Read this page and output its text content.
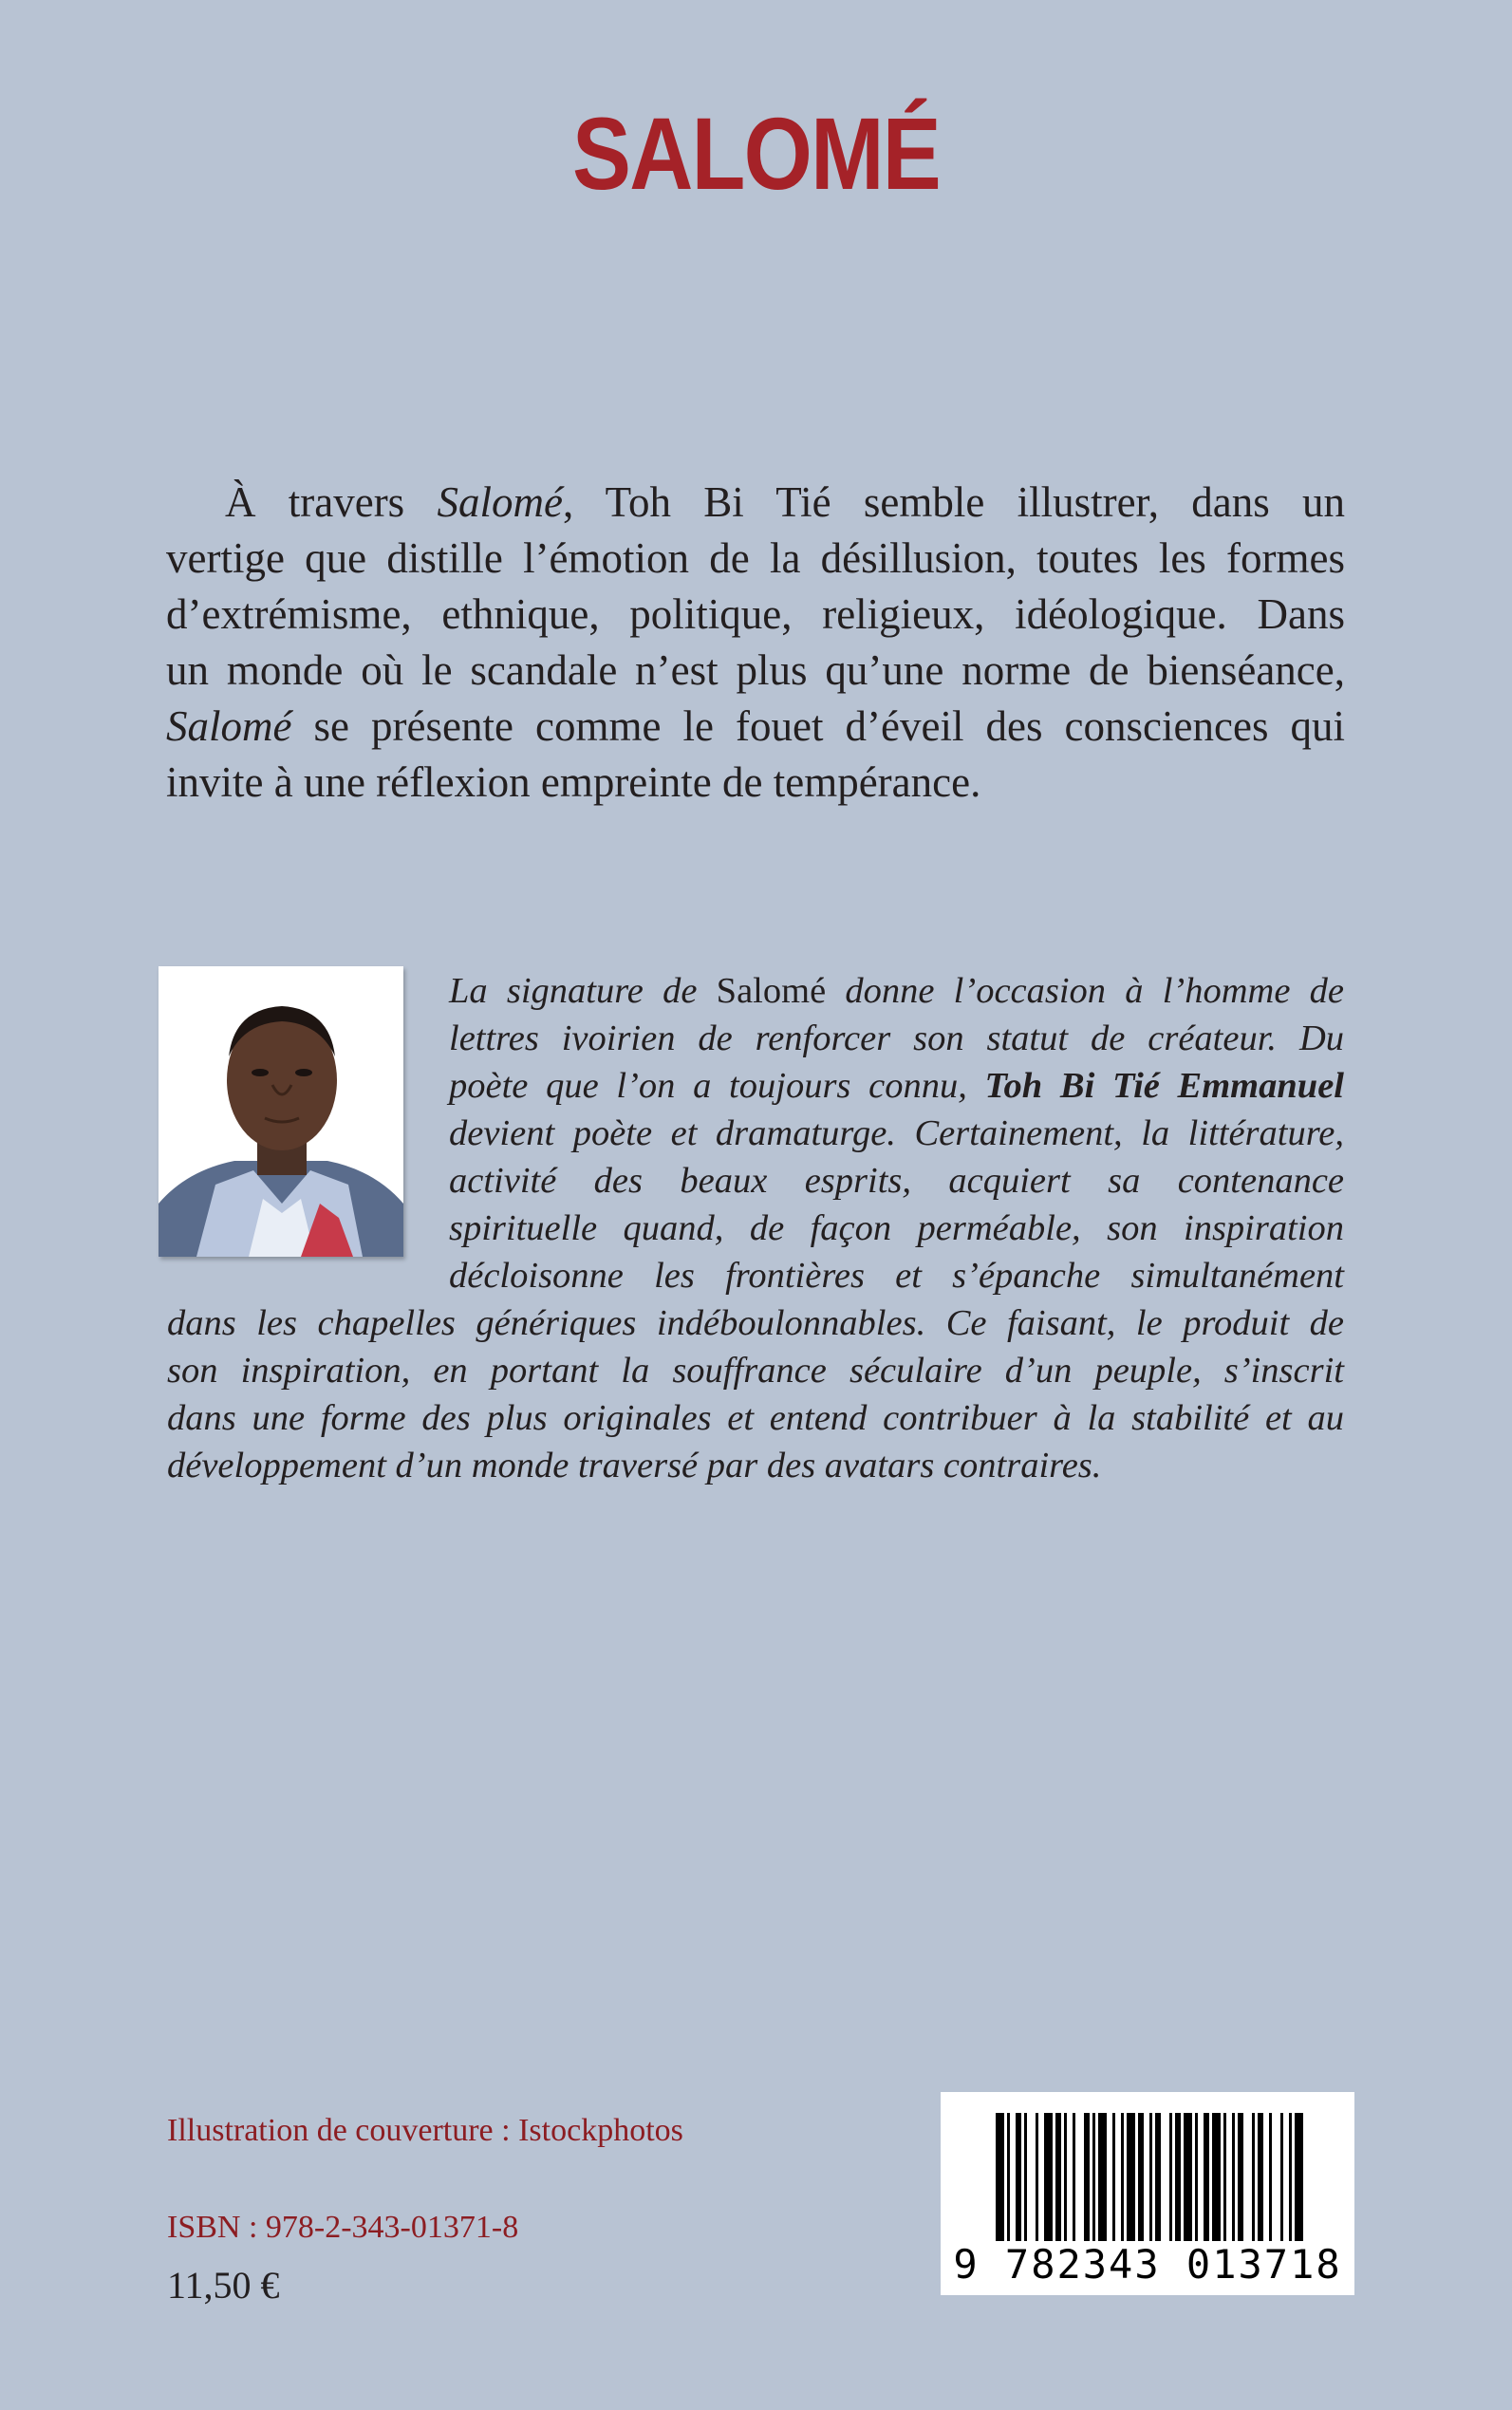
SALOMÉ
À travers Salomé, Toh Bi Tié semble illustrer, dans un
vertige que distille l’émotion de la désillusion, toutes les formes
d’extrémisme, ethnique, politique, religieux, idéologique. Dans
un monde où le scandale n’est plus qu’une norme de bienséance,
Salomé se présente comme le fouet d’éveil des consciences qui
invite à une réflexion empreinte de tempérance.
La signature de Salomé donne l’occasion à l’homme de
lettres ivoirien de renforcer son statut de créateur. Du
poète que l’on a toujours connu, Toh Bi Tié Emmanuel
devient poète et dramaturge. Certainement, la littérature,
activité des beaux esprits, acquiert sa contenance
spirituelle quand, de façon perméable, son inspiration
décloisonne les frontières et s’épanche simultanément
dans les chapelles génériques indéboulonnables. Ce faisant, le produit de
son inspiration, en portant la souffrance séculaire d’un peuple, s’inscrit
dans une forme des plus originales et entend contribuer à la stabilité et au
développement d’un monde traversé par des avatars contraires.
Illustration de couverture : Istockphotos
ISBN : 978-2-343-01371-8
11,50 €	9 782343 013718
